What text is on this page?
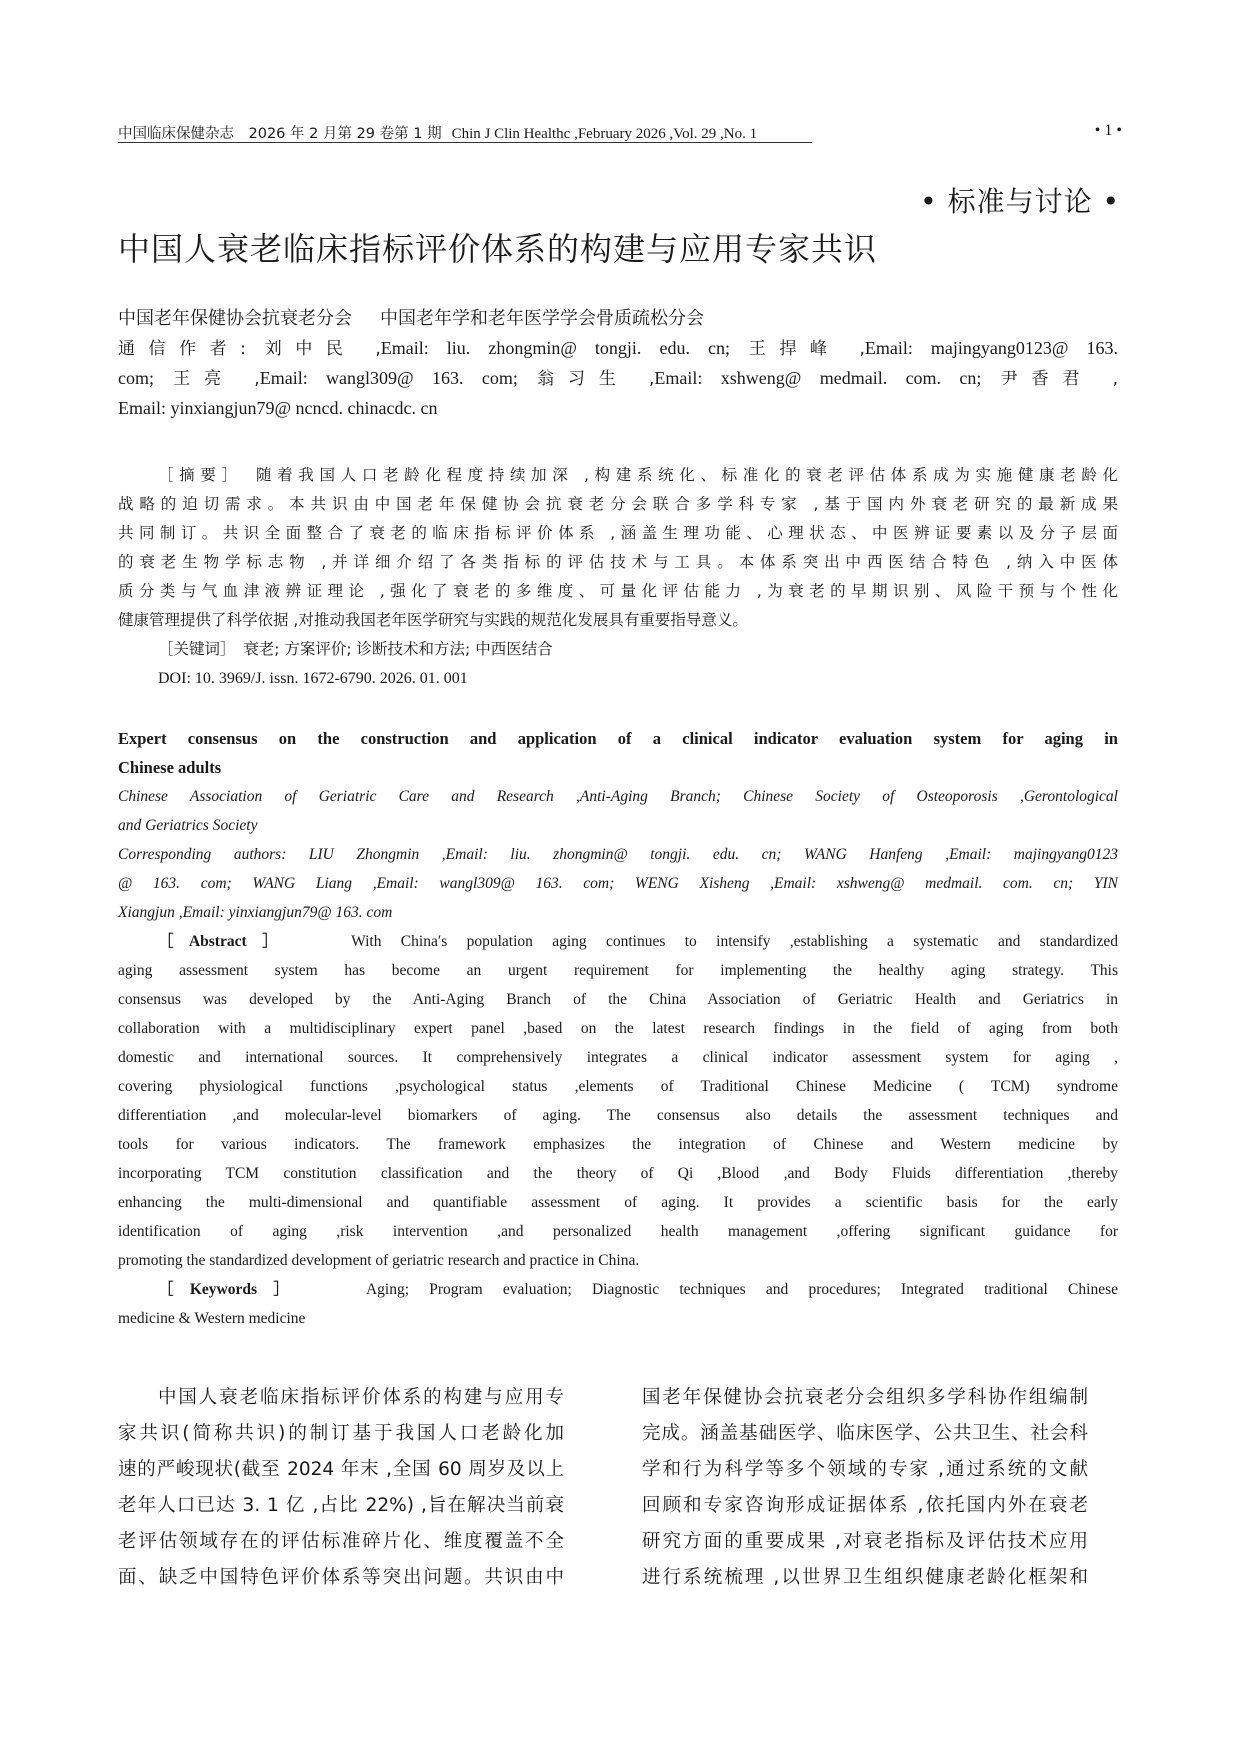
中国临床保健杂志　2026 年 2 月第 29 卷第 1 期 Chin J Clin Healthc ,February 2026 ,Vol. 29 ,No. 1	• 1 •
• 标准与讨论 •
中国人衰老临床指标评价体系的构建与应用专家共识
中国老年保健协会抗衰老分会 中国老年学和老年医学学会骨质疏松分会
通信作者: 刘中民 ,Email: liu. zhongmin@ tongji. edu. cn; 王捍峰 ,Email: majingyang0123@ 163.
com; 王亮 ,Email: wangl309@ 163. com; 翁习生 ,Email: xshweng@ medmail. com. cn; 尹香君 ,
Email: yinxiangjun79@ ncncd. chinacdc. cn
［摘要］　随着我国人口老龄化程度持续加深 ,构建系统化、标准化的衰老评估体系成为实施健康老龄化
战略的迫切需求。本共识由中国老年保健协会抗衰老分会联合多学科专家 ,基于国内外衰老研究的最新成果
共同制订。共识全面整合了衰老的临床指标评价体系 ,涵盖生理功能、心理状态、中医辨证要素以及分子层面
的衰老生物学标志物 ,并详细介绍了各类指标的评估技术与工具。本体系突出中西医结合特色 ,纳入中医体
质分类与气血津液辨证理论 ,强化了衰老的多维度、可量化评估能力 ,为衰老的早期识别、风险干预与个性化
健康管理提供了科学依据 ,对推动我国老年医学研究与实践的规范化发展具有重要指导意义。
［关键词］　衰老; 方案评价; 诊断技术和方法; 中西医结合
DOI: 10. 3969/J. issn. 1672-6790. 2026. 01. 001
Expert consensus on the construction and application of a clinical indicator evaluation system for aging in
Chinese adults
Chinese Association of Geriatric Care and Research ,Anti-Aging Branch; Chinese Society of Osteoporosis ,Gerontological
and Geriatrics Society
Corresponding authors: LIU Zhongmin ,Email: liu. zhongmin@ tongji. edu. cn; WANG Hanfeng ,Email: majingyang0123
@ 163. com; WANG Liang ,Email: wangl309@ 163. com; WENG Xisheng ,Email: xshweng@ medmail. com. cn; YIN
Xiangjun ,Email: yinxiangjun79@ 163. com
［Abstract］	With China′s population aging continues to intensify ,establishing a systematic and standardized
aging assessment system has become an urgent requirement for implementing the healthy aging strategy. This
consensus was developed by the Anti-Aging Branch of the China Association of Geriatric Health and Geriatrics in
collaboration with a multidisciplinary expert panel ,based on the latest research findings in the field of aging from both
domestic and international sources. It comprehensively integrates a clinical indicator assessment system for aging ,
covering physiological functions ,psychological status ,elements of Traditional Chinese Medicine ( TCM) syndrome
differentiation ,and molecular-level biomarkers of aging. The consensus also details the assessment techniques and
tools for various indicators. The framework emphasizes the integration of Chinese and Western medicine by
incorporating TCM constitution classification and the theory of Qi ,Blood ,and Body Fluids differentiation ,thereby
enhancing the multi-dimensional and quantifiable assessment of aging. It provides a scientific basis for the early
identification of aging ,risk intervention ,and personalized health management ,offering significant guidance for
promoting the standardized development of geriatric research and practice in China.
［Keywords］	Aging; Program evaluation; Diagnostic techniques and procedures; Integrated traditional Chinese
medicine & Western medicine
中国人衰老临床指标评价体系的构建与应用专
家共识(简称共识)的制订基于我国人口老龄化加
速的严峻现状(截至 2024 年末 ,全国 60 周岁及以上
老年人口已达 3. 1 亿 ,占比 22%) ,旨在解决当前衰
老评估领域存在的评估标准碎片化、维度覆盖不全
面、缺乏中国特色评价体系等突出问题。共识由中
国老年保健协会抗衰老分会组织多学科协作组编制
完成。涵盖基础医学、临床医学、公共卫生、社会科
学和行为科学等多个领域的专家 ,通过系统的文献
回顾和专家咨询形成证据体系 ,依托国内外在衰老
研究方面的重要成果 ,对衰老指标及评估技术应用
进行系统梳理 ,以世界卫生组织健康老龄化框架和
